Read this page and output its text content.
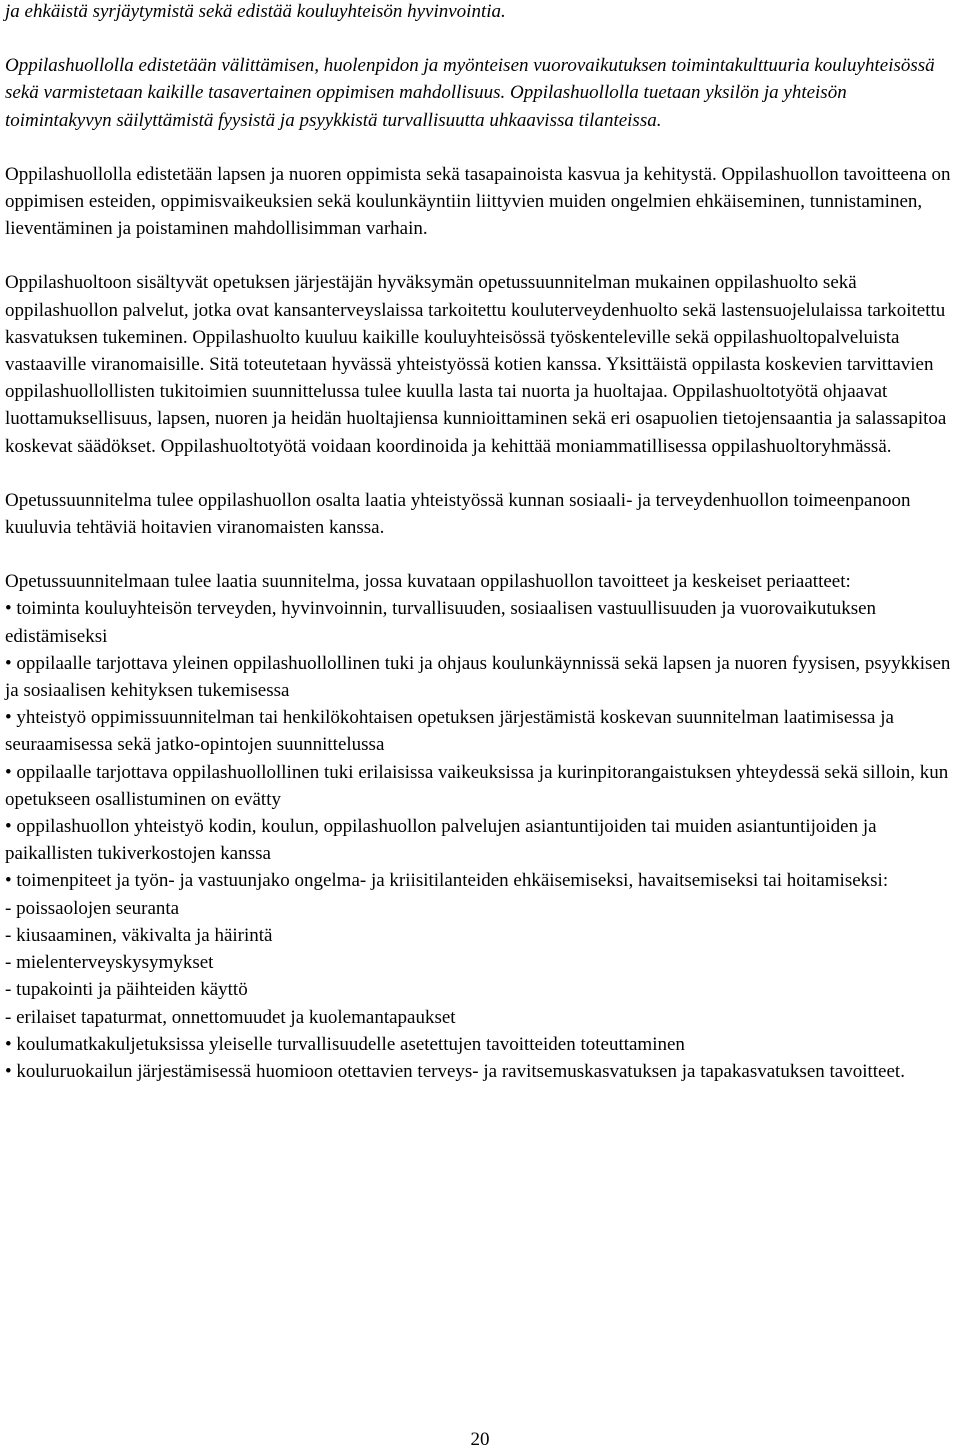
ja ehkäistä syrjäytymistä sekä edistää kouluyhteisön hyvinvointia.

Oppilashuollolla edistetään välittämisen, huolenpidon ja myönteisen vuorovaikutuksen toimintakulttuuria kouluyhteisössä sekä varmistetaan kaikille tasavertainen oppimisen mahdollisuus. Oppilashuollolla tuetaan yksilön ja yhteisön toimintakyvyn säilyttämistä fyysistä ja psyykkistä turvallisuutta uhkaavissa tilanteissa.

Oppilashuollolla edistetään lapsen ja nuoren oppimista sekä tasapainoista kasvua ja kehitystä. Oppilashuollon tavoitteena on oppimisen esteiden, oppimisvaikeuksien sekä koulunkäyntiin liittyvien muiden ongelmien ehkäiseminen, tunnistaminen, lieventäminen ja poistaminen mahdollisimman varhain.

Oppilashuoltoon sisältyvät opetuksen järjestäjän hyväksymän opetussuunnitelman mukainen oppilashuolto sekä oppilashuollon palvelut, jotka ovat kansanterveyslaissa tarkoitettu kouluterveydenhuolto sekä lastensuojelulaissa tarkoitettu kasvatuksen tukeminen. Oppilashuolto kuuluu kaikille kouluyhteisössä työskenteleville sekä oppilashuoltopalveluista vastaaville viranomaisille. Sitä toteutetaan hyvässä yhteistyössä kotien kanssa. Yksittäistä oppilasta koskevien tarvittavien oppilashuollollisten tukitoimien suunnittelussa tulee kuulla lasta tai nuorta ja huoltajaa. Oppilashuoltotyötä ohjaavat luottamuksellisuus, lapsen, nuoren ja heidän huoltajiensa kunnioittaminen sekä eri osapuolien tietojensaantia ja salassapitoa koskevat säädökset. Oppilashuoltotyötä voidaan koordinoida ja kehittää moniammatillisessa oppilashuoltoryhmässä.

Opetussuunnitelma tulee oppilashuollon osalta laatia yhteistyössä kunnan sosiaali- ja terveydenhuollon toimeenpanoon kuuluvia tehtäviä hoitavien viranomaisten kanssa.

Opetussuunnitelmaan tulee laatia suunnitelma, jossa kuvataan oppilashuollon tavoitteet ja keskeiset periaatteet:

• toiminta kouluyhteisön terveyden, hyvinvoinnin, turvallisuuden, sosiaalisen vastuullisuuden ja vuorovaikutuksen edistämiseksi

• oppilaalle tarjottava yleinen oppilashuollollinen tuki ja ohjaus koulunkäynnissä sekä lapsen ja nuoren fyysisen, psyykkisen ja sosiaalisen kehityksen tukemisessa

• yhteistyö oppimissuunnitelman tai henkilökohtaisen opetuksen järjestämistä koskevan suunnitelman laatimisessa ja seuraamisessa sekä jatko-opintojen suunnittelussa

• oppilaalle tarjottava oppilashuollollinen tuki erilaisissa vaikeuksissa ja kurinpitorangaistuksen yhteydessä sekä silloin, kun opetukseen osallistuminen on evätty

• oppilashuollon yhteistyö kodin, koulun, oppilashuollon palvelujen asiantuntijoiden tai muiden asiantuntijoiden ja paikallisten tukiverkostojen kanssa

• toimenpiteet ja työn- ja vastuunjako ongelma- ja kriisitilanteiden ehkäisemiseksi, havaitsemiseksi tai hoitamiseksi:

- poissaolojen seuranta

- kiusaaminen, väkivalta ja häirintä

- mielenterveyskysymykset

- tupakointi ja päihteiden käyttö

- erilaiset tapaturmat, onnettomuudet ja kuolemantapaukset

• koulumatkakuljetuksissa yleiselle turvallisuudelle asetettujen tavoitteiden toteuttaminen

• kouluruokailun järjestämisessä huomioon otettavien terveys- ja ravitsemuskasvatuksen ja tapakasvatuksen tavoitteet.

20
